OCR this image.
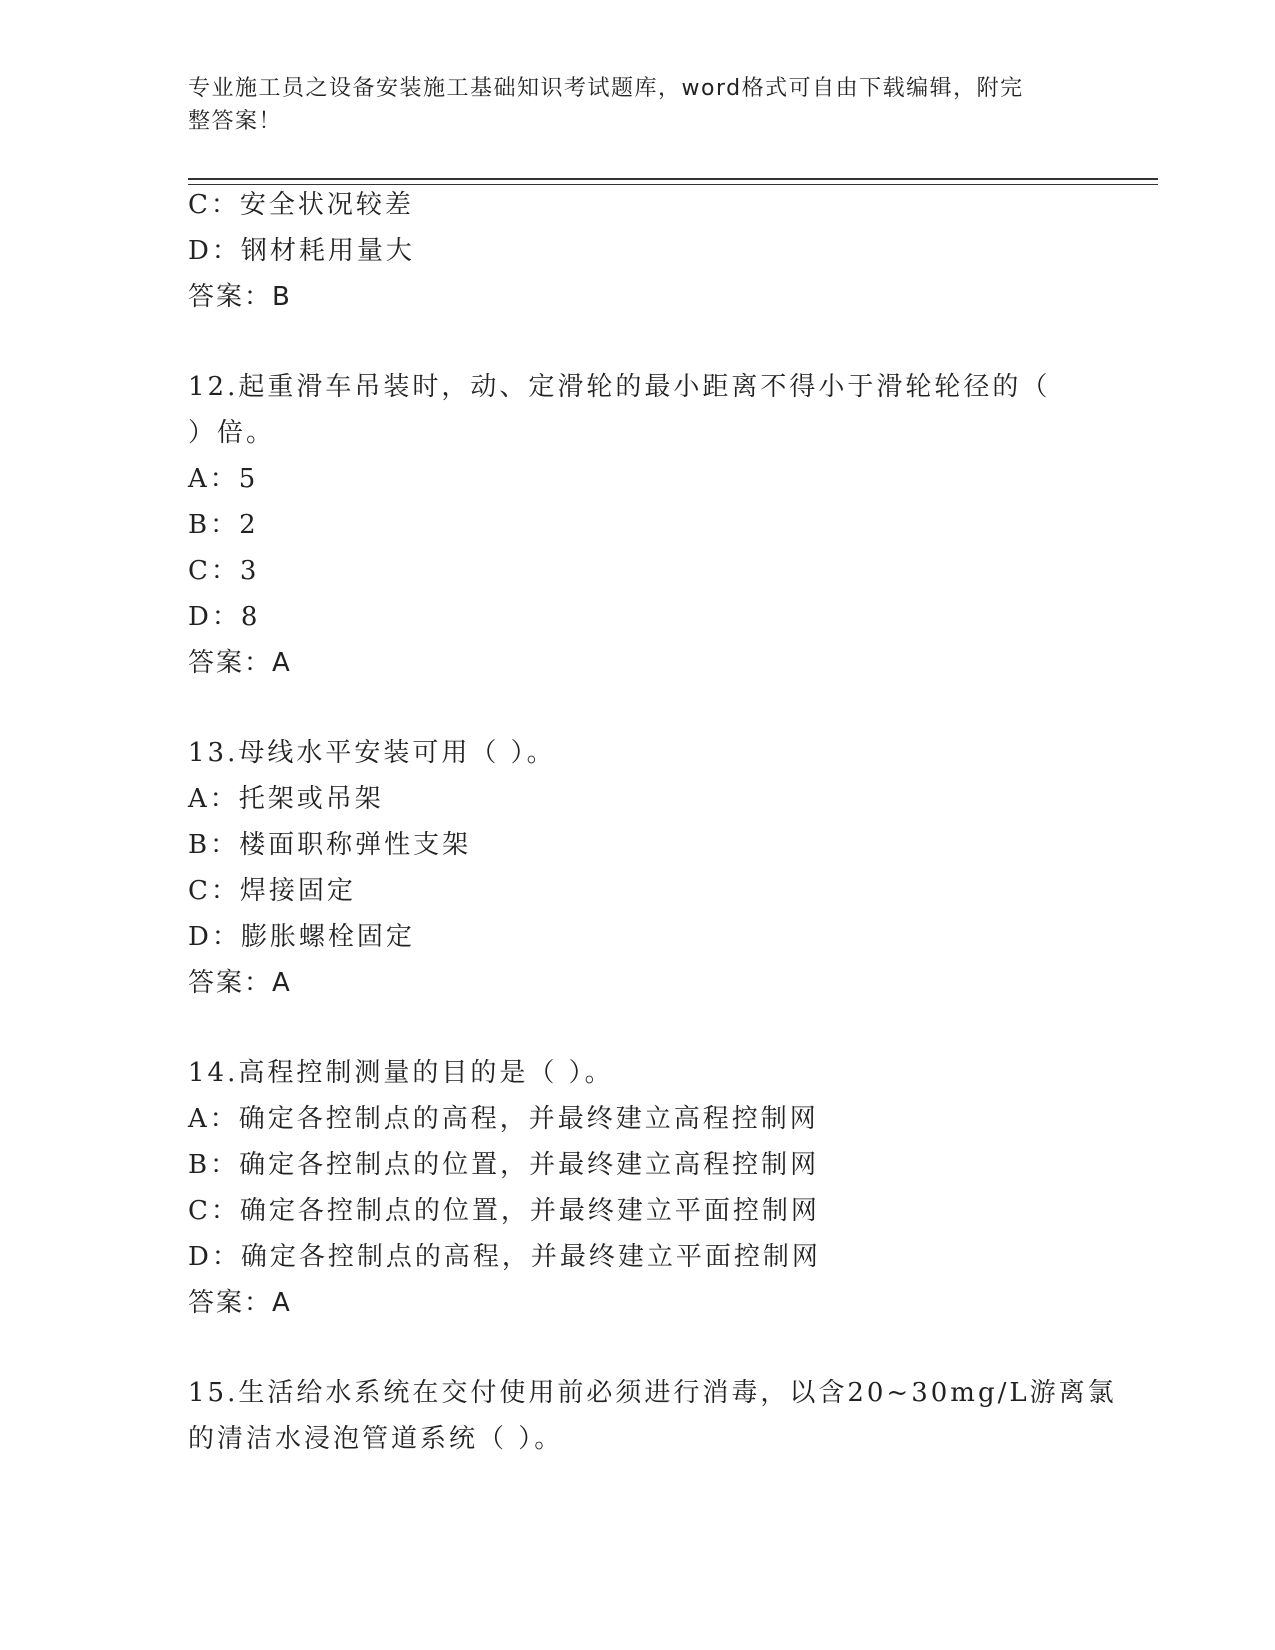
专业施工员之设备安装施工基础知识考试题库，word格式可自由下载编辑，附完
整答案！
C：安全状况较差
D：钢材耗用量大
答案：B
12.起重滑车吊装时，动、定滑轮的最小距离不得小于滑轮轮径的（
）倍。
A：5
B：2
C：3
D：8
答案：A
13.母线水平安装可用（ ）。
A：托架或吊架
B：楼面职称弹性支架
C：焊接固定
D：膨胀螺栓固定
答案：A
14.高程控制测量的目的是（ ）。
A：确定各控制点的高程，并最终建立高程控制网
B：确定各控制点的位置，并最终建立高程控制网
C：确定各控制点的位置，并最终建立平面控制网
D：确定各控制点的高程，并最终建立平面控制网
答案：A
15.生活给水系统在交付使用前必须进行消毒，以含20~30mg/L游离氯
的清洁水浸泡管道系统（ ）。
